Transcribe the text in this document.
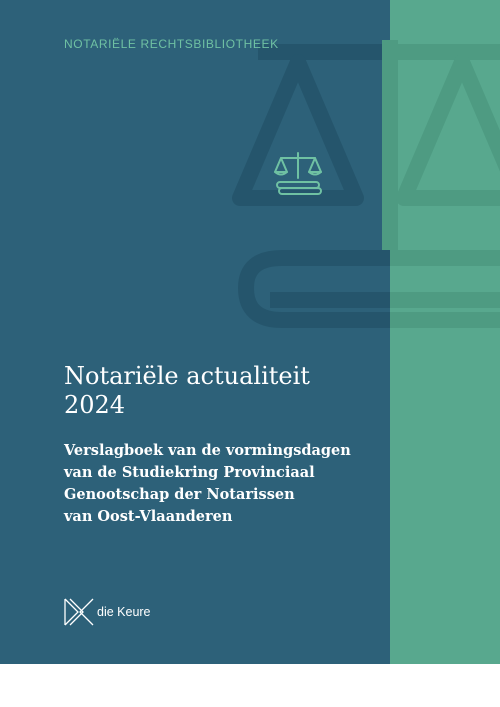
NOTARIËLE RECHTSBIBLIOTHEEK

Notariële actualiteit
2024
Verslagboek van de vormingsdagen
van de Studiekring Provinciaal
Genootschap der Notarissen
van Oost-Vlaanderen
die Keure
